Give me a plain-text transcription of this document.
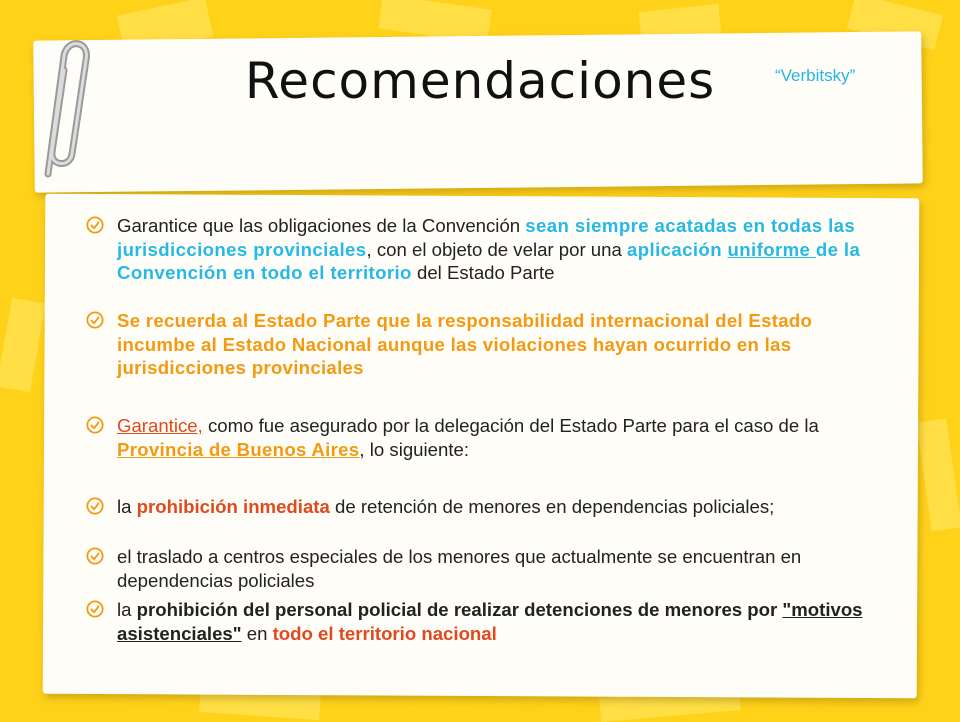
Recomendaciones	“Verbitsky”
Garantice que las obligaciones de la Convención sean siempre acatadas en todas las jurisdicciones provinciales, con el objeto de velar por una aplicación uniforme de la Convención en todo el territorio del Estado Parte
Se recuerda al Estado Parte que la responsabilidad internacional del Estado incumbe al Estado Nacional aunque las violaciones hayan ocurrido en las jurisdicciones provinciales
Garantice, como fue asegurado por la delegación del Estado Parte para el caso de la Provincia de Buenos Aires, lo siguiente:
la prohibición inmediata de retención de menores en dependencias policiales;
el traslado a centros especiales de los menores que actualmente se encuentran en dependencias policiales
la prohibición del personal policial de realizar detenciones de menores por "motivos asistenciales" en todo el territorio nacional
